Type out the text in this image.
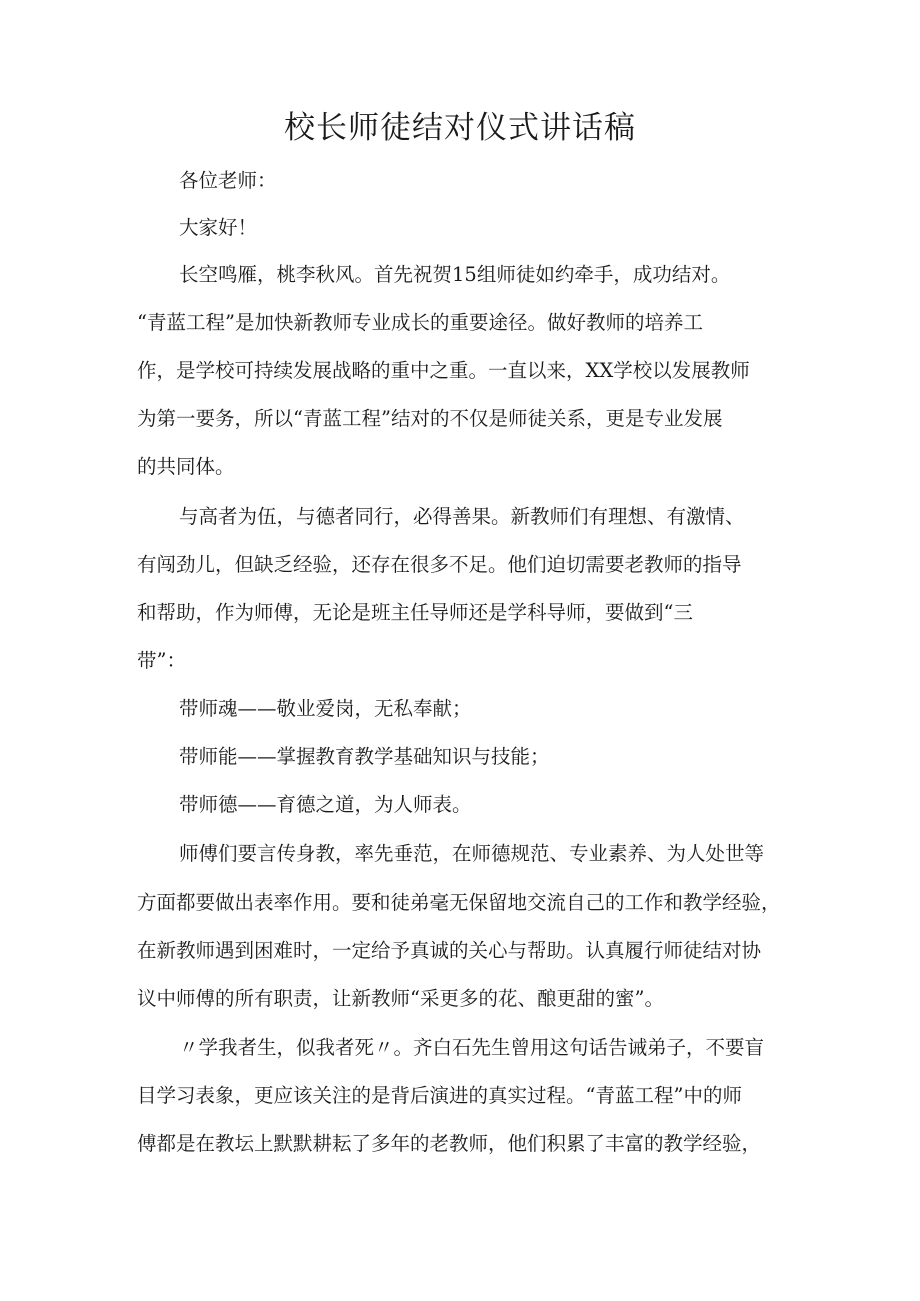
校长师徒结对仪式讲话稿
各位老师：
大家好！
长空鸣雁，桃李秋风。首先祝贺15组师徒如约牵手，成功结对。
“青蓝工程”是加快新教师专业成长的重要途径。做好教师的培养工
作，是学校可持续发展战略的重中之重。一直以来，XX学校以发展教师
为第一要务，所以“青蓝工程”结对的不仅是师徒关系，更是专业发展
的共同体。
与高者为伍，与德者同行，必得善果。新教师们有理想、有激情、
有闯劲儿，但缺乏经验，还存在很多不足。他们迫切需要老教师的指导
和帮助，作为师傅，无论是班主任导师还是学科导师，要做到“三
带”：
带师魂——敬业爱岗，无私奉献；
带师能——掌握教育教学基础知识与技能；
带师德——育德之道，为人师表。
师傅们要言传身教，率先垂范，在师德规范、专业素养、为人处世等
方面都要做出表率作用。要和徒弟毫无保留地交流自己的工作和教学经验，
在新教师遇到困难时，一定给予真诚的关心与帮助。认真履行师徒结对协
议中师傅的所有职责，让新教师“采更多的花、酿更甜的蜜”。
〃学我者生，似我者死〃。齐白石先生曾用这句话告诫弟子，不要盲
目学习表象，更应该关注的是背后演进的真实过程。“青蓝工程”中的师
傅都是在教坛上默默耕耘了多年的老教师，他们积累了丰富的教学经验，
